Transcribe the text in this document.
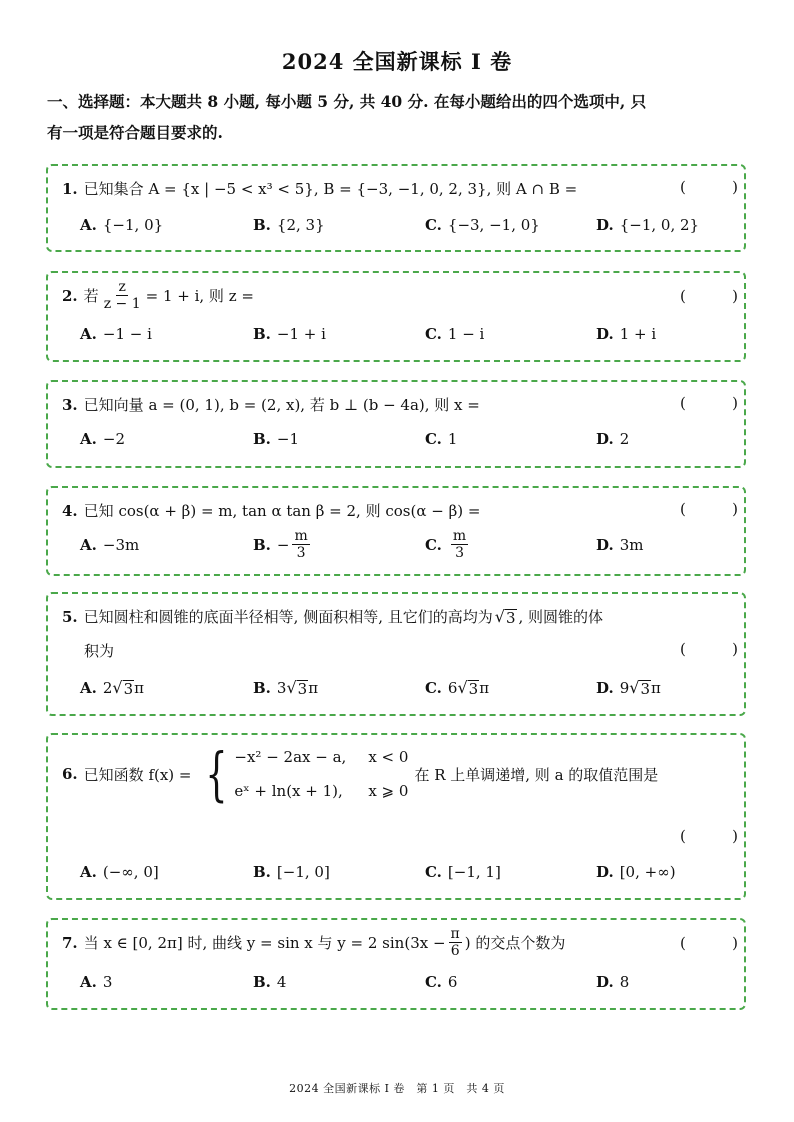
2024 全国新课标 I 卷
一、选择题：本大题共 8 小题, 每小题 5 分, 共 40 分. 在每小题给出的四个选项中, 只
有一项是符合题目要求的.
1. 已知集合 A = {x | −5 < x³ < 5}, B = {−3, −1, 0, 2, 3}, 则 A ∩ B =	(	)
A. {−1, 0}	B. {2, 3}	C. {−3, −1, 0}	D. {−1, 0, 2}
2. 若 $\frac{z}{z - 1} = 1 + i$, 则 z =	(	)
A. −1 − i	B. −1 + i	C. 1 − i	D. 1 + i
3. 已知向量 a = (0, 1), b = (2, x), 若 b ⊥ (b − 4a), 则 x =	(	)
A. −2	B. −1	C. 1	D. 2
4. 已知 cos(α + β) = m, tan α tan β = 2, 则 cos(α − β) =	(	)
A. −3m	B. − $\frac{m}{3}$	C. $\frac{m}{3}$	D. 3m
5. 已知圆柱和圆锥的底面半径相等, 侧面积相等, 且它们的高均为 √ 3 , 则圆锥的体
积为	(	)
A. 2 √ 3 π	B. 3 √ 3 π	C. 6 √ 3 π	D. 9 √ 3 π
6. 已知函数 f(x) = { −x² − 2ax − a, x < 0
eˣ + ln(x + 1), x ⩾ 0
在 R 上单调递增, 则 a 的取值范围是
(	)
A. (−∞, 0]	B. [−1, 0]	C. [−1, 1]	D. [0, +∞)
7. 当 x ∈ [0, 2π] 时, 曲线 y = sin x 与 y = 2 $\sin(3x - \frac{\pi}{6}$ ) 的交点个数为	(	)
A. 3	B. 4	C. 6	D. 8
2024 全国新课标 I 卷　第 1 页　共 4 页
